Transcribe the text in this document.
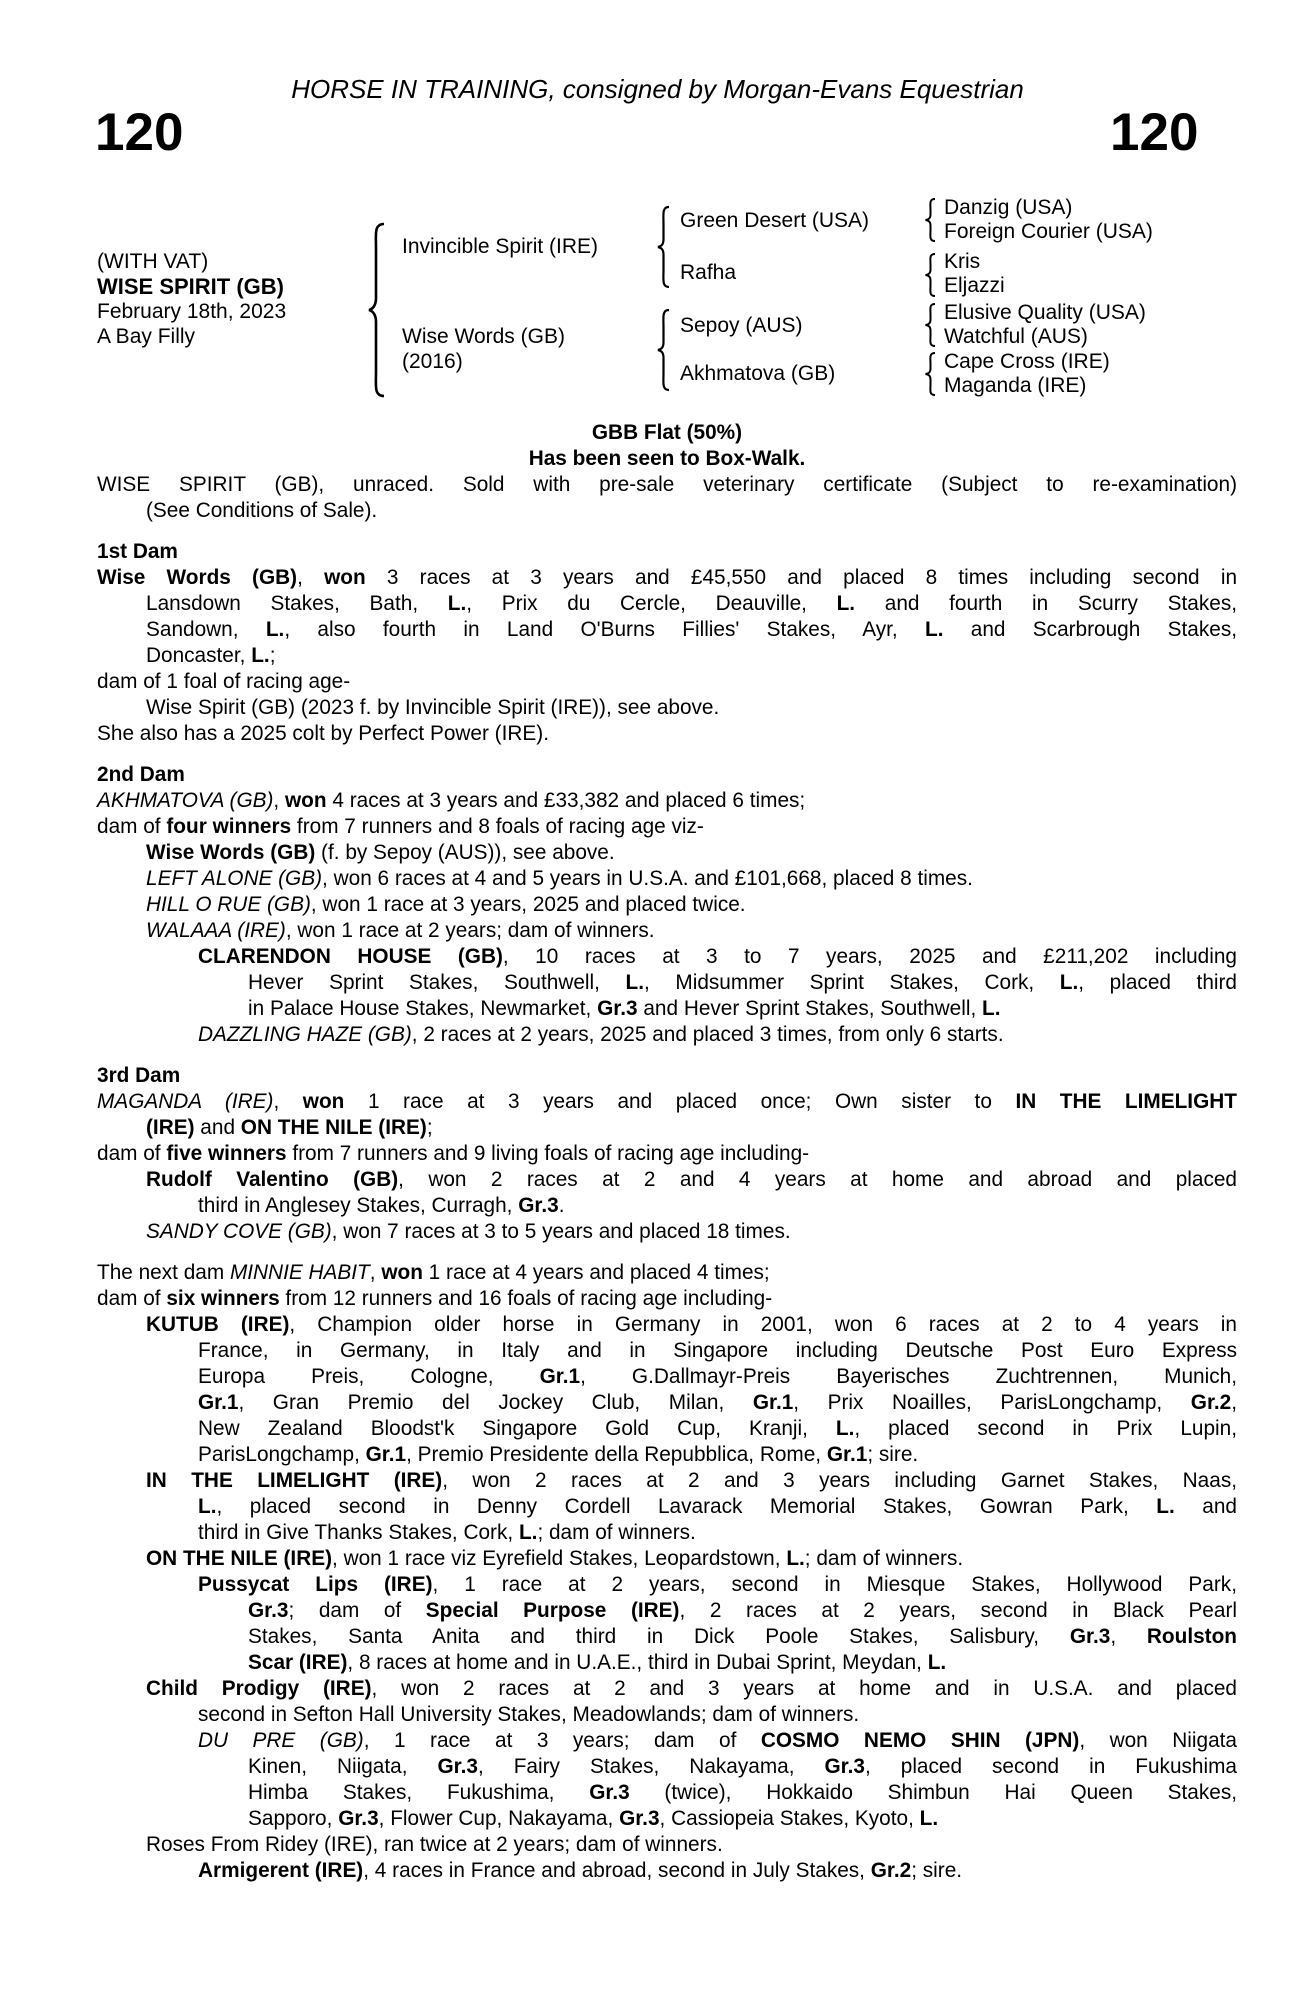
HORSE IN TRAINING, consigned by Morgan-Evans Equestrian
120	120
(WITH VAT)
WISE SPIRIT (GB)
February 18th, 2023
A Bay Filly
Invincible Spirit (IRE)
Wise Words (GB)
(2016)
Green Desert (USA)
Rafha
Sepoy (AUS)
Akhmatova (GB)
Danzig (USA)
Foreign Courier (USA)
Kris
Eljazzi
Elusive Quality (USA)
Watchful (AUS)
Cape Cross (IRE)
Maganda (IRE)
GBB Flat (50%)
Has been seen to Box-Walk.
WISE SPIRIT (GB), unraced. Sold with pre-sale veterinary certificate (Subject to re-examination)
(See Conditions of Sale).
1st Dam
Wise Words (GB), won 3 races at 3 years and £45,550 and placed 8 times including second in
Lansdown Stakes, Bath, L., Prix du Cercle, Deauville, L. and fourth in Scurry Stakes,
Sandown, L., also fourth in Land O'Burns Fillies' Stakes, Ayr, L. and Scarbrough Stakes,
Doncaster, L.;
dam of 1 foal of racing age-
Wise Spirit (GB) (2023 f. by Invincible Spirit (IRE)), see above.
She also has a 2025 colt by Perfect Power (IRE).
2nd Dam
AKHMATOVA (GB), won 4 races at 3 years and £33,382 and placed 6 times;
dam of four winners from 7 runners and 8 foals of racing age viz-
Wise Words (GB) (f. by Sepoy (AUS)), see above.
LEFT ALONE (GB), won 6 races at 4 and 5 years in U.S.A. and £101,668, placed 8 times.
HILL O RUE (GB), won 1 race at 3 years, 2025 and placed twice.
WALAAA (IRE), won 1 race at 2 years; dam of winners.
CLARENDON HOUSE (GB), 10 races at 3 to 7 years, 2025 and £211,202 including
Hever Sprint Stakes, Southwell, L., Midsummer Sprint Stakes, Cork, L., placed third
in Palace House Stakes, Newmarket, Gr.3 and Hever Sprint Stakes, Southwell, L.
DAZZLING HAZE (GB), 2 races at 2 years, 2025 and placed 3 times, from only 6 starts.
3rd Dam
MAGANDA (IRE), won 1 race at 3 years and placed once; Own sister to IN THE LIMELIGHT
(IRE) and ON THE NILE (IRE);
dam of five winners from 7 runners and 9 living foals of racing age including-
Rudolf Valentino (GB), won 2 races at 2 and 4 years at home and abroad and placed
third in Anglesey Stakes, Curragh, Gr.3.
SANDY COVE (GB), won 7 races at 3 to 5 years and placed 18 times.
The next dam MINNIE HABIT, won 1 race at 4 years and placed 4 times;
dam of six winners from 12 runners and 16 foals of racing age including-
KUTUB (IRE), Champion older horse in Germany in 2001, won 6 races at 2 to 4 years in
France, in Germany, in Italy and in Singapore including Deutsche Post Euro Express
Europa Preis, Cologne, Gr.1, G.Dallmayr-Preis Bayerisches Zuchtrennen, Munich,
Gr.1, Gran Premio del Jockey Club, Milan, Gr.1, Prix Noailles, ParisLongchamp, Gr.2,
New Zealand Bloodst'k Singapore Gold Cup, Kranji, L., placed second in Prix Lupin,
ParisLongchamp, Gr.1, Premio Presidente della Repubblica, Rome, Gr.1; sire.
IN THE LIMELIGHT (IRE), won 2 races at 2 and 3 years including Garnet Stakes, Naas,
L., placed second in Denny Cordell Lavarack Memorial Stakes, Gowran Park, L. and
third in Give Thanks Stakes, Cork, L.; dam of winners.
ON THE NILE (IRE), won 1 race viz Eyrefield Stakes, Leopardstown, L.; dam of winners.
Pussycat Lips (IRE), 1 race at 2 years, second in Miesque Stakes, Hollywood Park,
Gr.3; dam of Special Purpose (IRE), 2 races at 2 years, second in Black Pearl
Stakes, Santa Anita and third in Dick Poole Stakes, Salisbury, Gr.3, Roulston
Scar (IRE), 8 races at home and in U.A.E., third in Dubai Sprint, Meydan, L.
Child Prodigy (IRE), won 2 races at 2 and 3 years at home and in U.S.A. and placed
second in Sefton Hall University Stakes, Meadowlands; dam of winners.
DU PRE (GB), 1 race at 3 years; dam of COSMO NEMO SHIN (JPN), won Niigata
Kinen, Niigata, Gr.3, Fairy Stakes, Nakayama, Gr.3, placed second in Fukushima
Himba Stakes, Fukushima, Gr.3 (twice), Hokkaido Shimbun Hai Queen Stakes,
Sapporo, Gr.3, Flower Cup, Nakayama, Gr.3, Cassiopeia Stakes, Kyoto, L.
Roses From Ridey (IRE), ran twice at 2 years; dam of winners.
Armigerent (IRE), 4 races in France and abroad, second in July Stakes, Gr.2; sire.
